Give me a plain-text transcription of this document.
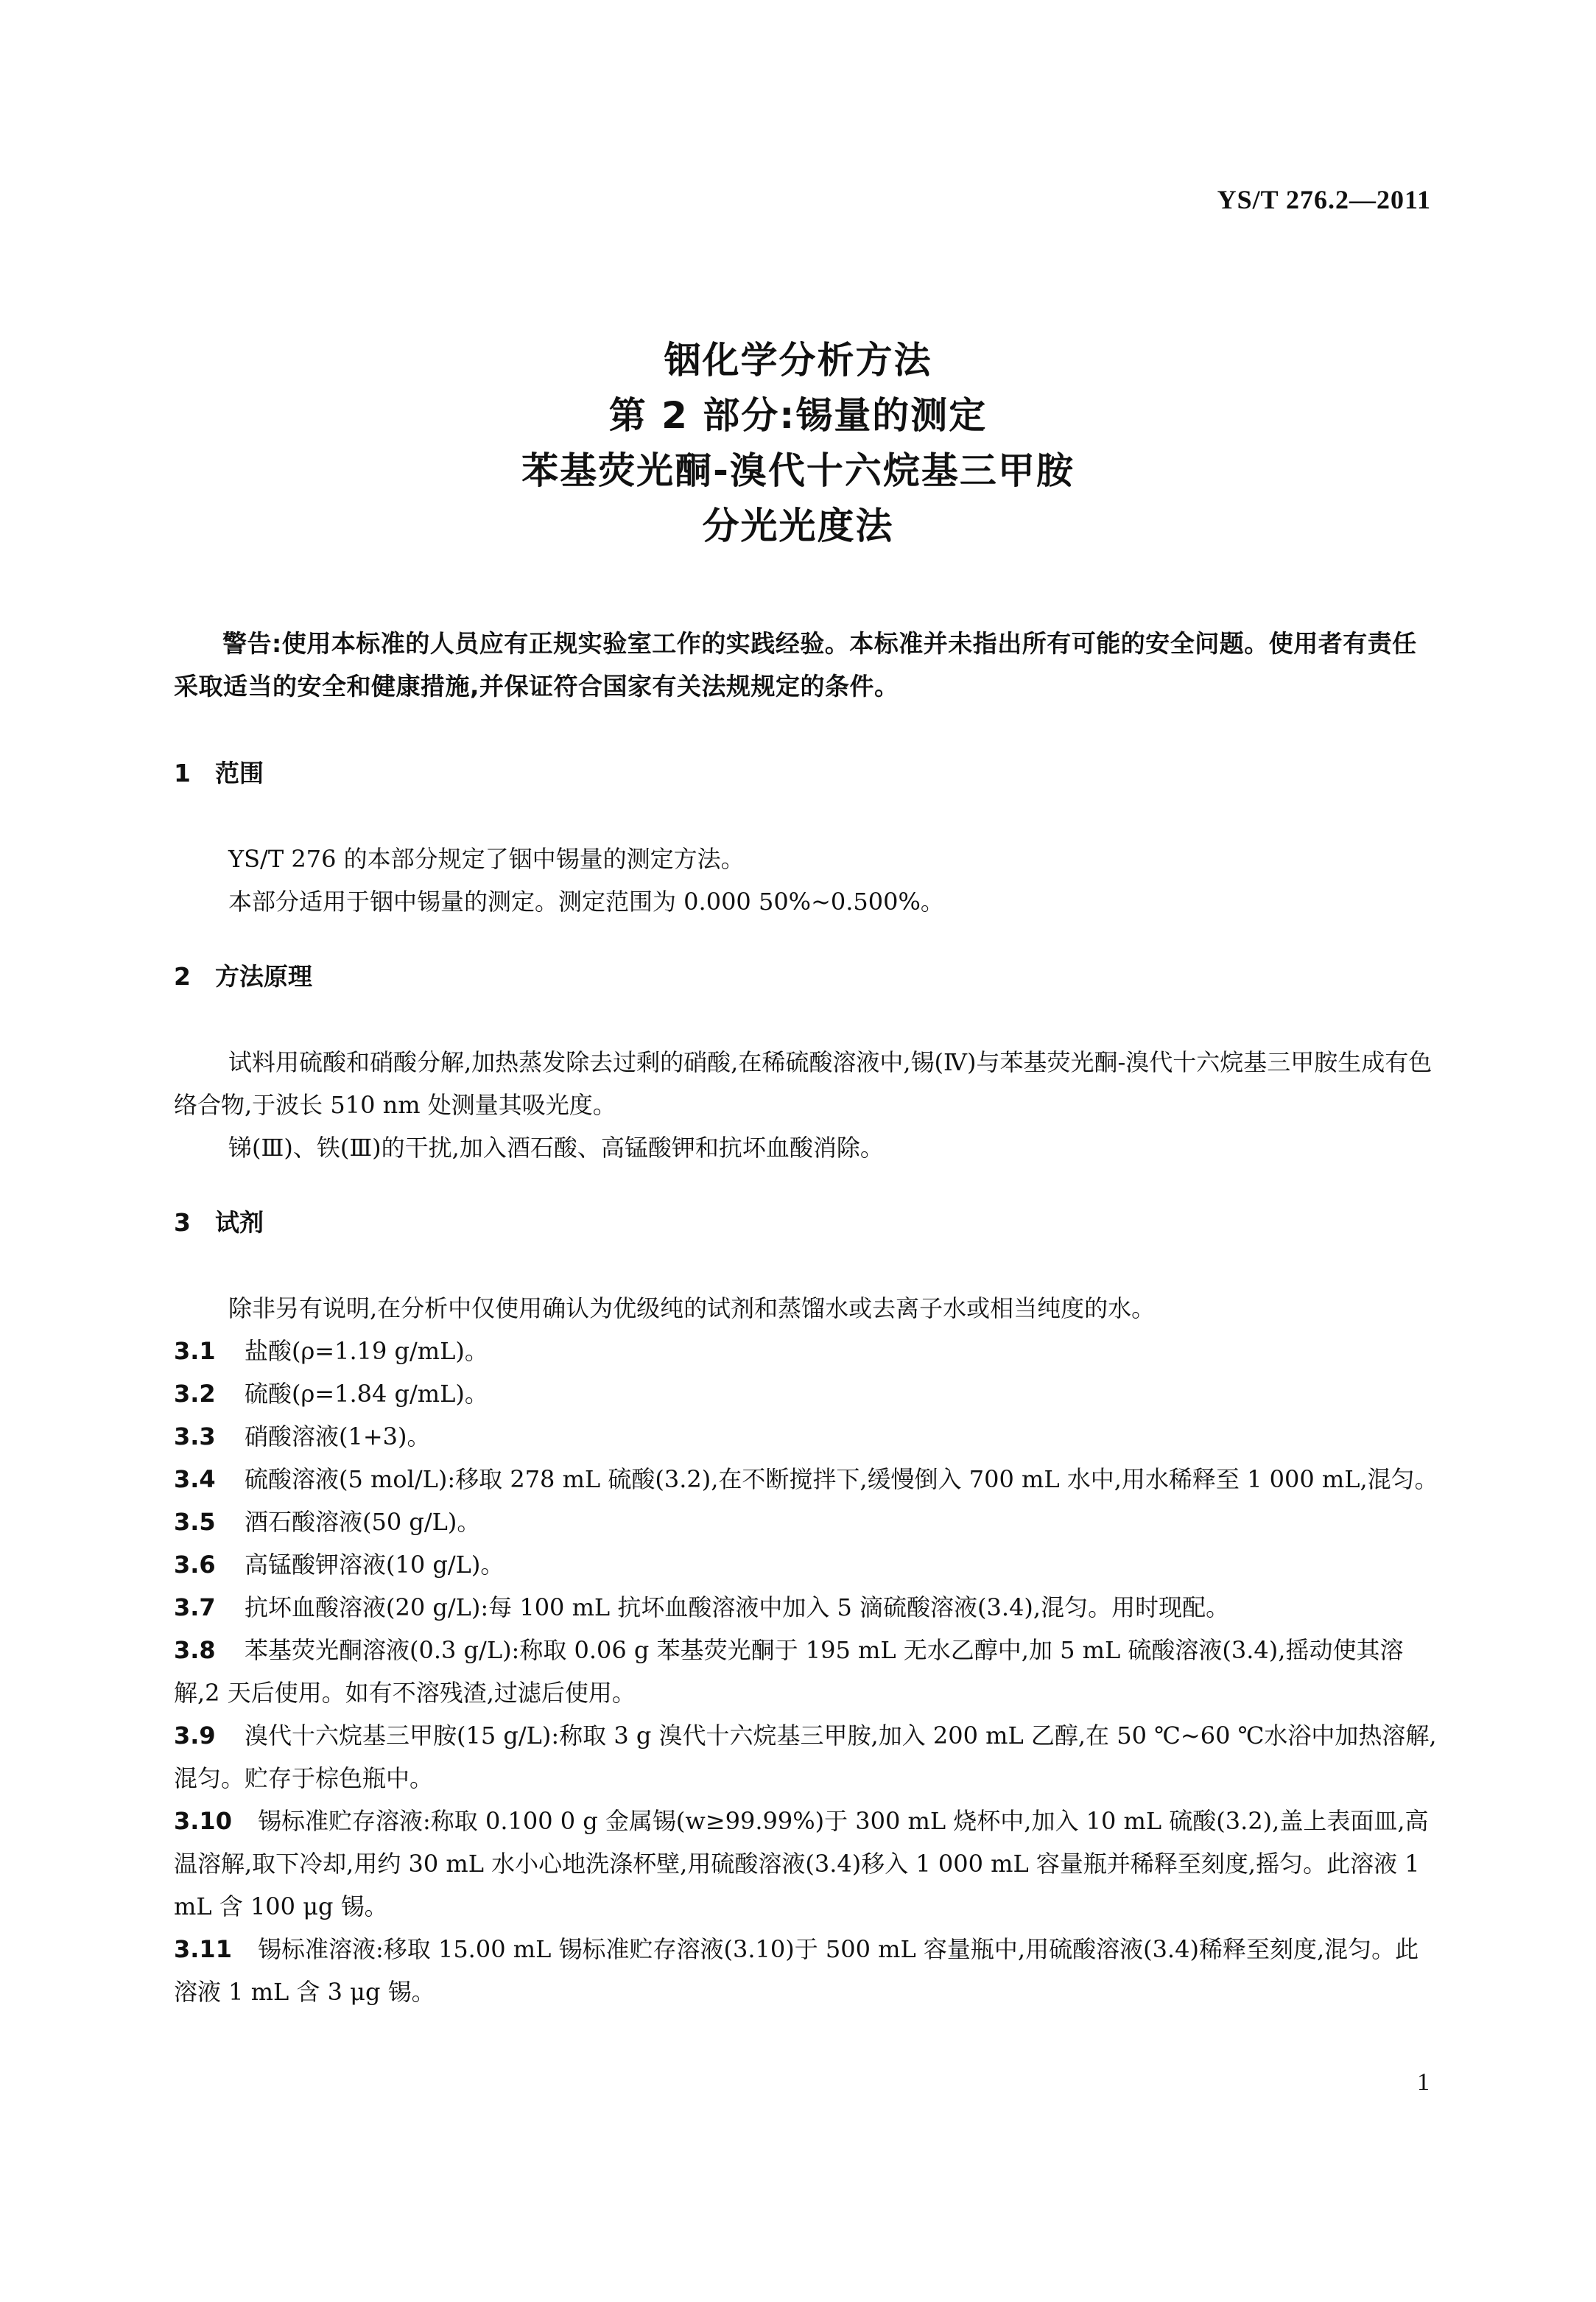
YS/T 276.2—2011
铟化学分析方法
第 2 部分:锡量的测定
苯基荧光酮-溴代十六烷基三甲胺
分光光度法

警告:使用本标准的人员应有正规实验室工作的实践经验。本标准并未指出所有可能的安全问题。使用者有责任采取适当的安全和健康措施,并保证符合国家有关法规规定的条件。

1 范围

YS/T 276 的本部分规定了铟中锡量的测定方法。

本部分适用于铟中锡量的测定。测定范围为 0.000 50%~0.500%。

2 方法原理

试料用硫酸和硝酸分解,加热蒸发除去过剩的硝酸,在稀硫酸溶液中,锡(Ⅳ)与苯基荧光酮-溴代十六烷基三甲胺生成有色络合物,于波长 510 nm 处测量其吸光度。

锑(Ⅲ)、铁(Ⅲ)的干扰,加入酒石酸、高锰酸钾和抗坏血酸消除。

3 试剂

除非另有说明,在分析中仅使用确认为优级纯的试剂和蒸馏水或去离子水或相当纯度的水。

3.1 盐酸(ρ=1.19 g/mL)。

3.2 硫酸(ρ=1.84 g/mL)。

3.3 硝酸溶液(1+3)。

3.4 硫酸溶液(5 mol/L):移取 278 mL 硫酸(3.2),在不断搅拌下,缓慢倒入 700 mL 水中,用水稀释至 1 000 mL,混匀。

3.5 酒石酸溶液(50 g/L)。

3.6 高锰酸钾溶液(10 g/L)。

3.7 抗坏血酸溶液(20 g/L):每 100 mL 抗坏血酸溶液中加入 5 滴硫酸溶液(3.4),混匀。用时现配。

3.8 苯基荧光酮溶液(0.3 g/L):称取 0.06 g 苯基荧光酮于 195 mL 无水乙醇中,加 5 mL 硫酸溶液(3.4),摇动使其溶解,2 天后使用。如有不溶残渣,过滤后使用。

3.9 溴代十六烷基三甲胺(15 g/L):称取 3 g 溴代十六烷基三甲胺,加入 200 mL 乙醇,在 50 ℃~60 ℃水浴中加热溶解,混匀。贮存于棕色瓶中。

3.10 锡标准贮存溶液:称取 0.100 0 g 金属锡(w≥99.99%)于 300 mL 烧杯中,加入 10 mL 硫酸(3.2),盖上表面皿,高温溶解,取下冷却,用约 30 mL 水小心地洗涤杯壁,用硫酸溶液(3.4)移入 1 000 mL 容量瓶并稀释至刻度,摇匀。此溶液 1 mL 含 100 μg 锡。

3.11 锡标准溶液:移取 15.00 mL 锡标准贮存溶液(3.10)于 500 mL 容量瓶中,用硫酸溶液(3.4)稀释至刻度,混匀。此溶液 1 mL 含 3 μg 锡。

1
